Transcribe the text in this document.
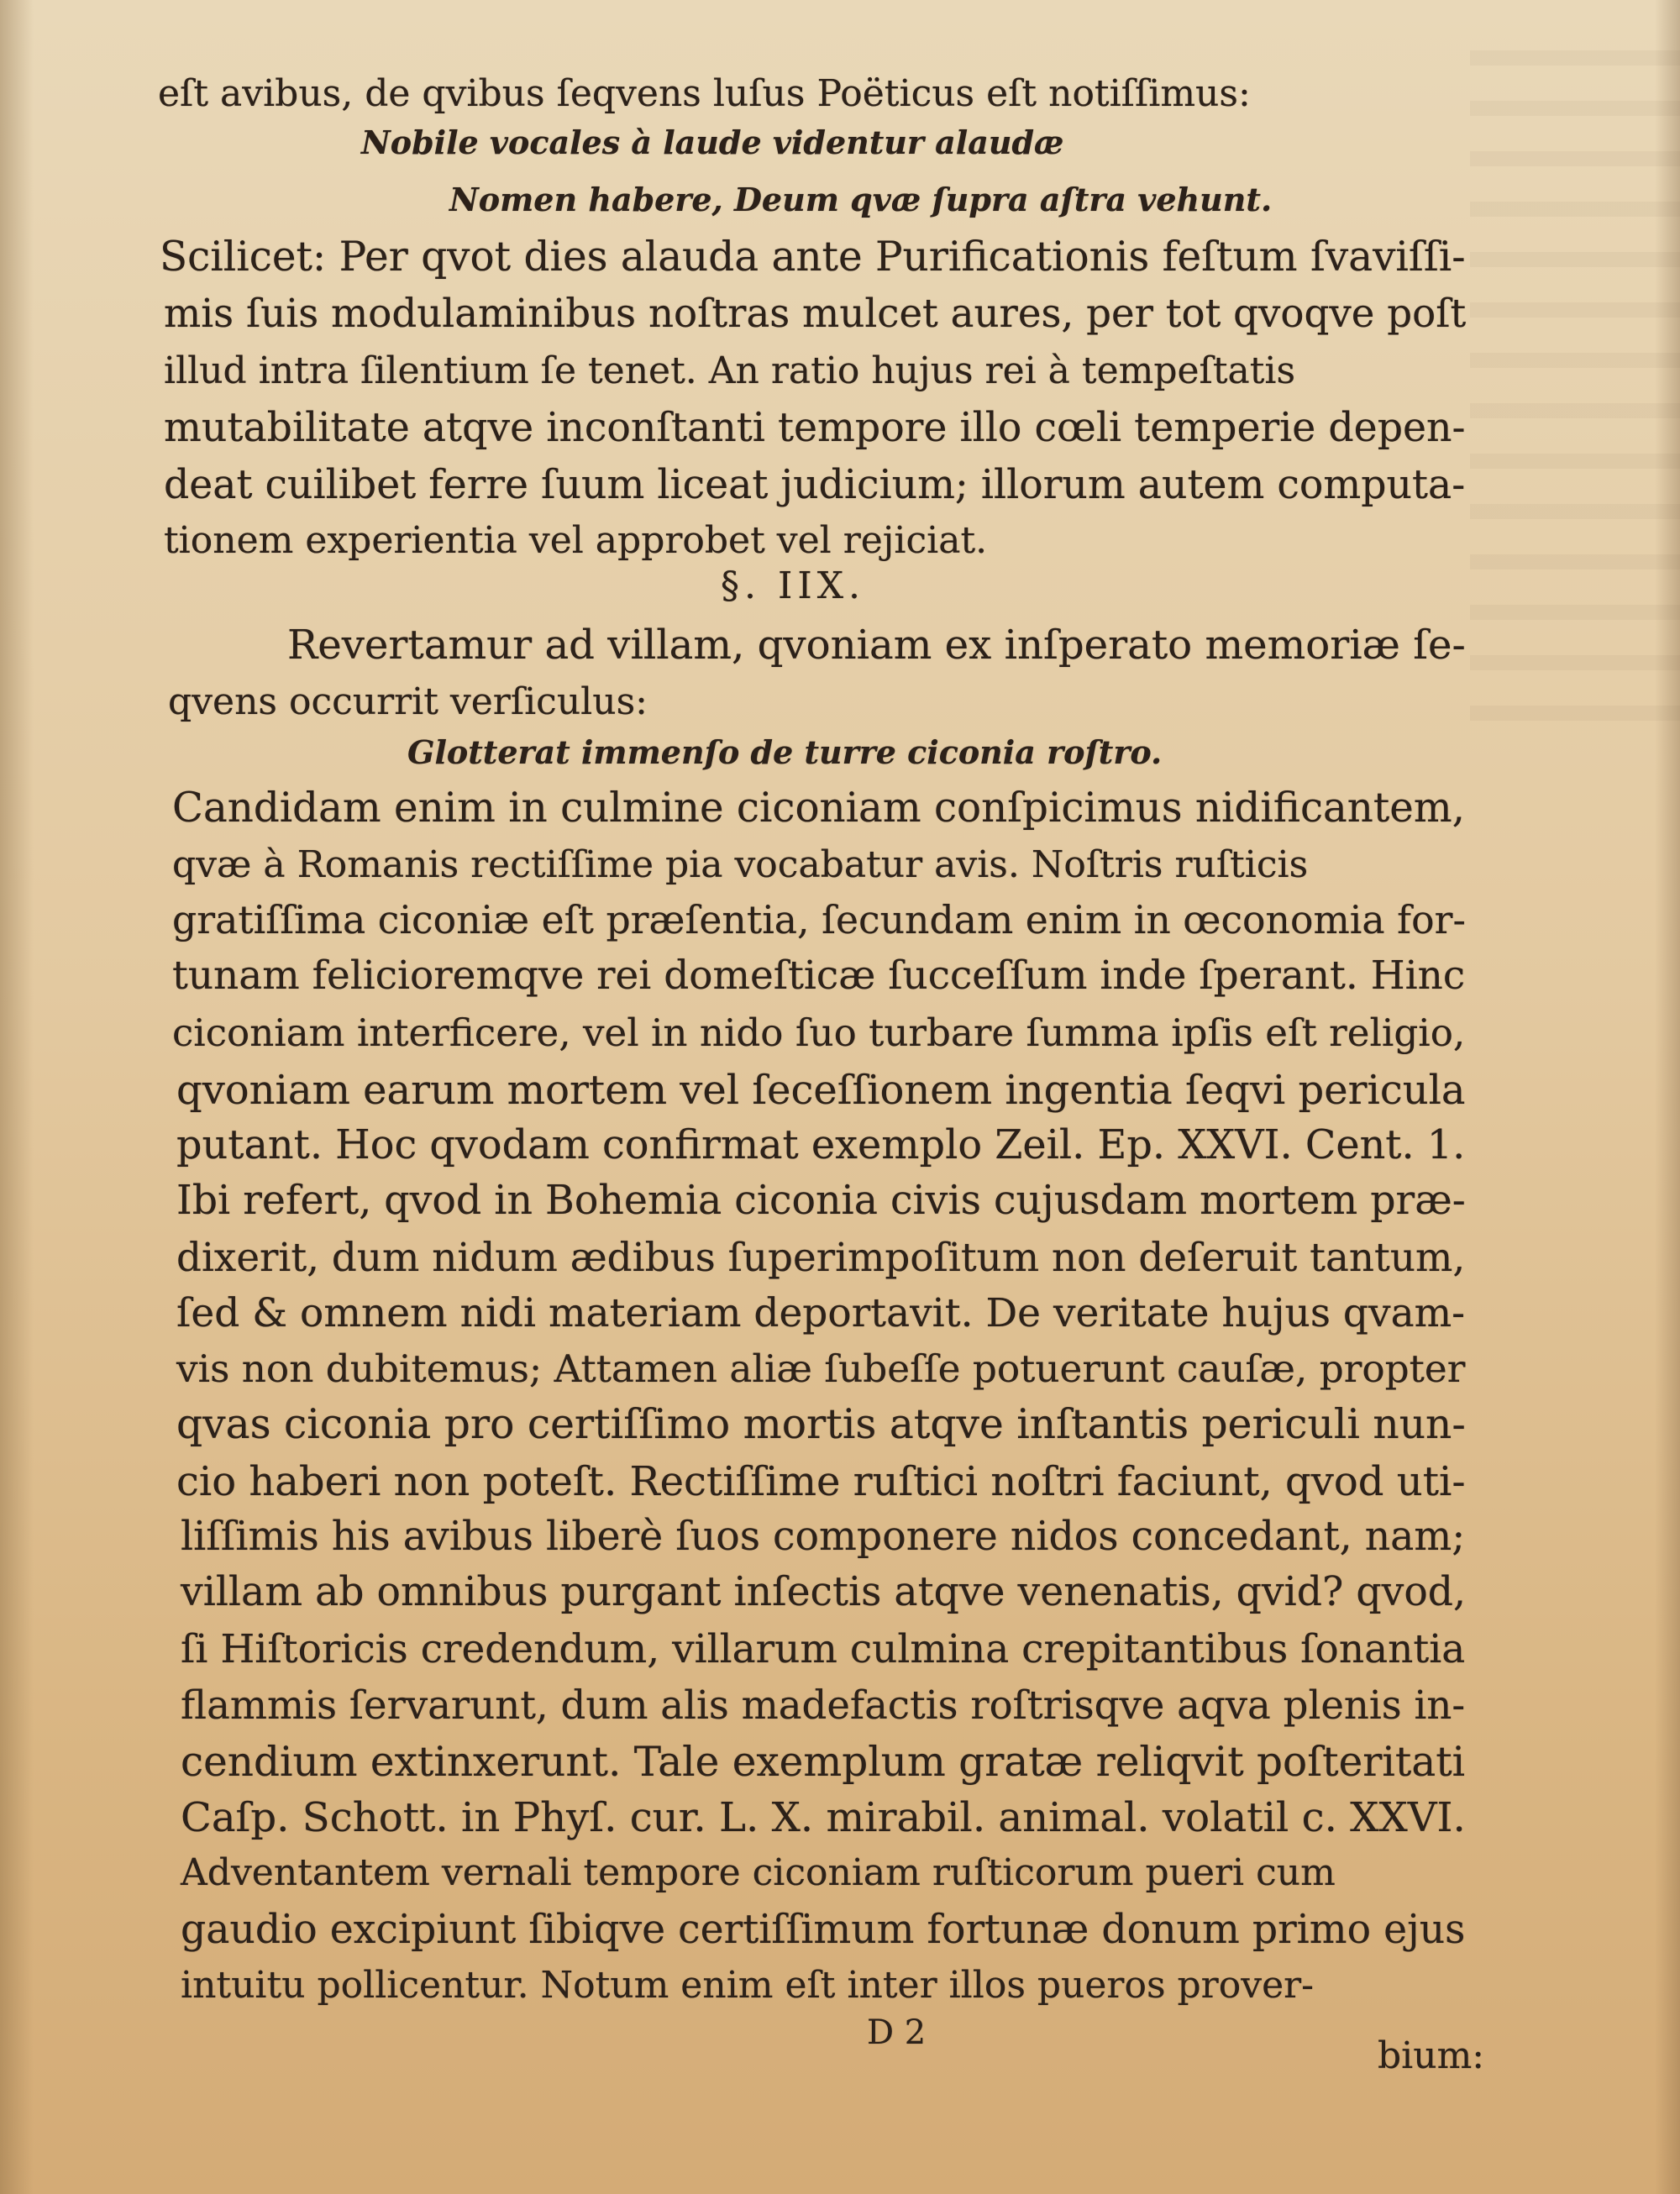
eſt avibus, de qvibus ſeqvens luſus Poëticus eſt notiſſimus:
Nobile vocales à laude videntur alaudæ
Nomen habere, Deum qvæ ſupra aſtra vehunt.
Scilicet: Per qvot dies alauda ante Purificationis feſtum ſvaviſſi-
mis ſuis modulaminibus noſtras mulcet aures, per tot qvoqve poſt
illud intra ſilentium ſe tenet. An ratio hujus rei à tempeſtatis
mutabilitate atqve inconſtanti tempore illo cœli temperie depen-
deat cuilibet ferre ſuum liceat judicium; illorum autem computa-
tionem experientia vel approbet vel rejiciat.
§. IIX.
Revertamur ad villam, qvoniam ex inſperato memoriæ ſe-
qvens occurrit verſiculus:
Glotterat immenſo de turre ciconia roſtro.
Candidam enim in culmine ciconiam conſpicimus nidificantem,
qvæ à Romanis rectiſſime pia vocabatur avis. Noſtris ruſticis
gratiſſima ciconiæ eſt præſentia, ſecundam enim in œconomia for-
tunam felicioremqve rei domeſticæ ſucceſſum inde ſperant. Hinc
ciconiam interficere, vel in nido ſuo turbare ſumma ipſis eſt religio,
qvoniam earum mortem vel ſeceſſionem ingentia ſeqvi pericula
putant. Hoc qvodam confirmat exemplo Zeil. Ep. XXVI. Cent. 1.
Ibi refert, qvod in Bohemia ciconia civis cujusdam mortem præ-
dixerit, dum nidum ædibus ſuperimpoſitum non deſeruit tantum,
ſed & omnem nidi materiam deportavit. De veritate hujus qvam-
vis non dubitemus; Attamen aliæ ſubeſſe potuerunt cauſæ, propter
qvas ciconia pro certiſſimo mortis atqve inſtantis periculi nun-
cio haberi non poteſt. Rectiſſime ruſtici noſtri faciunt, qvod uti-
liſſimis his avibus liberè ſuos componere nidos concedant, nam;
villam ab omnibus purgant inſectis atqve venenatis, qvid? qvod,
ſi Hiſtoricis credendum, villarum culmina crepitantibus ſonantia
flammis ſervarunt, dum alis madefactis roſtrisqve aqva plenis in-
cendium extinxerunt. Tale exemplum gratæ reliqvit poſteritati
Caſp. Schott. in Phyſ. cur. L. X. mirabil. animal. volatil c. XXVI.
Adventantem vernali tempore ciconiam ruſticorum pueri cum
gaudio excipiunt ſibiqve certiſſimum fortunæ donum primo ejus
intuitu pollicentur. Notum enim eſt inter illos pueros prover-
D 2
bium:
